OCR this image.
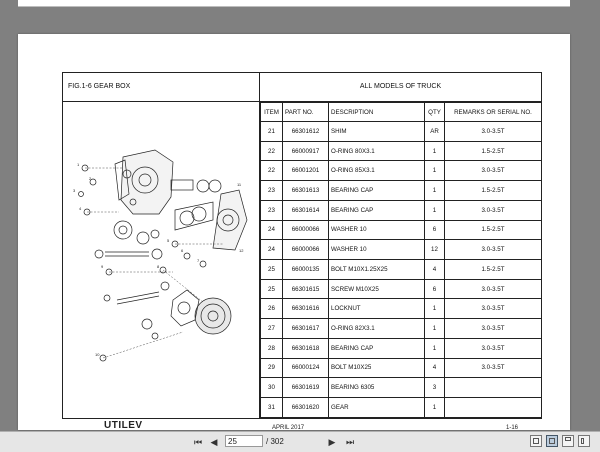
FIG.1-6 GEAR BOX	ALL MODELS OF TRUCK
1
2
3
4
5
6
7
8
9
10
11
12
ITEM	PART NO.	DESCRIPTION	QTY	REMARKS OR SERIAL NO.
21	66301612	SHIM	AR	3.0-3.5T
22	66000917	O-RING 80X3.1	1	1.5-2.5T
22	66001201	O-RING 85X3.1	1	3.0-3.5T
23	66301613	BEARING CAP	1	1.5-2.5T
23	66301614	BEARING CAP	1	3.0-3.5T
24	66000066	WASHER 10	6	1.5-2.5T
24	66000066	WASHER 10	12	3.0-3.5T
25	66000135	BOLT M10X1.25X25	4	1.5-2.5T
25	66301615	SCREW M10X25	6	3.0-3.5T
26	66301616	LOCKNUT	1	3.0-3.5T
27	66301617	O-RING 82X3.1	1	3.0-3.5T
28	66301618	BEARING CAP	1	3.0-3.5T
29	66000124	BOLT M10X25	4	3.0-3.5T
30	66301619	BEARING 6305	3	
31	66301620	GEAR	1	
UTILEV	APRIL 2017	1-16
⏮ ◀
25	/ 302	▶ ⏭
